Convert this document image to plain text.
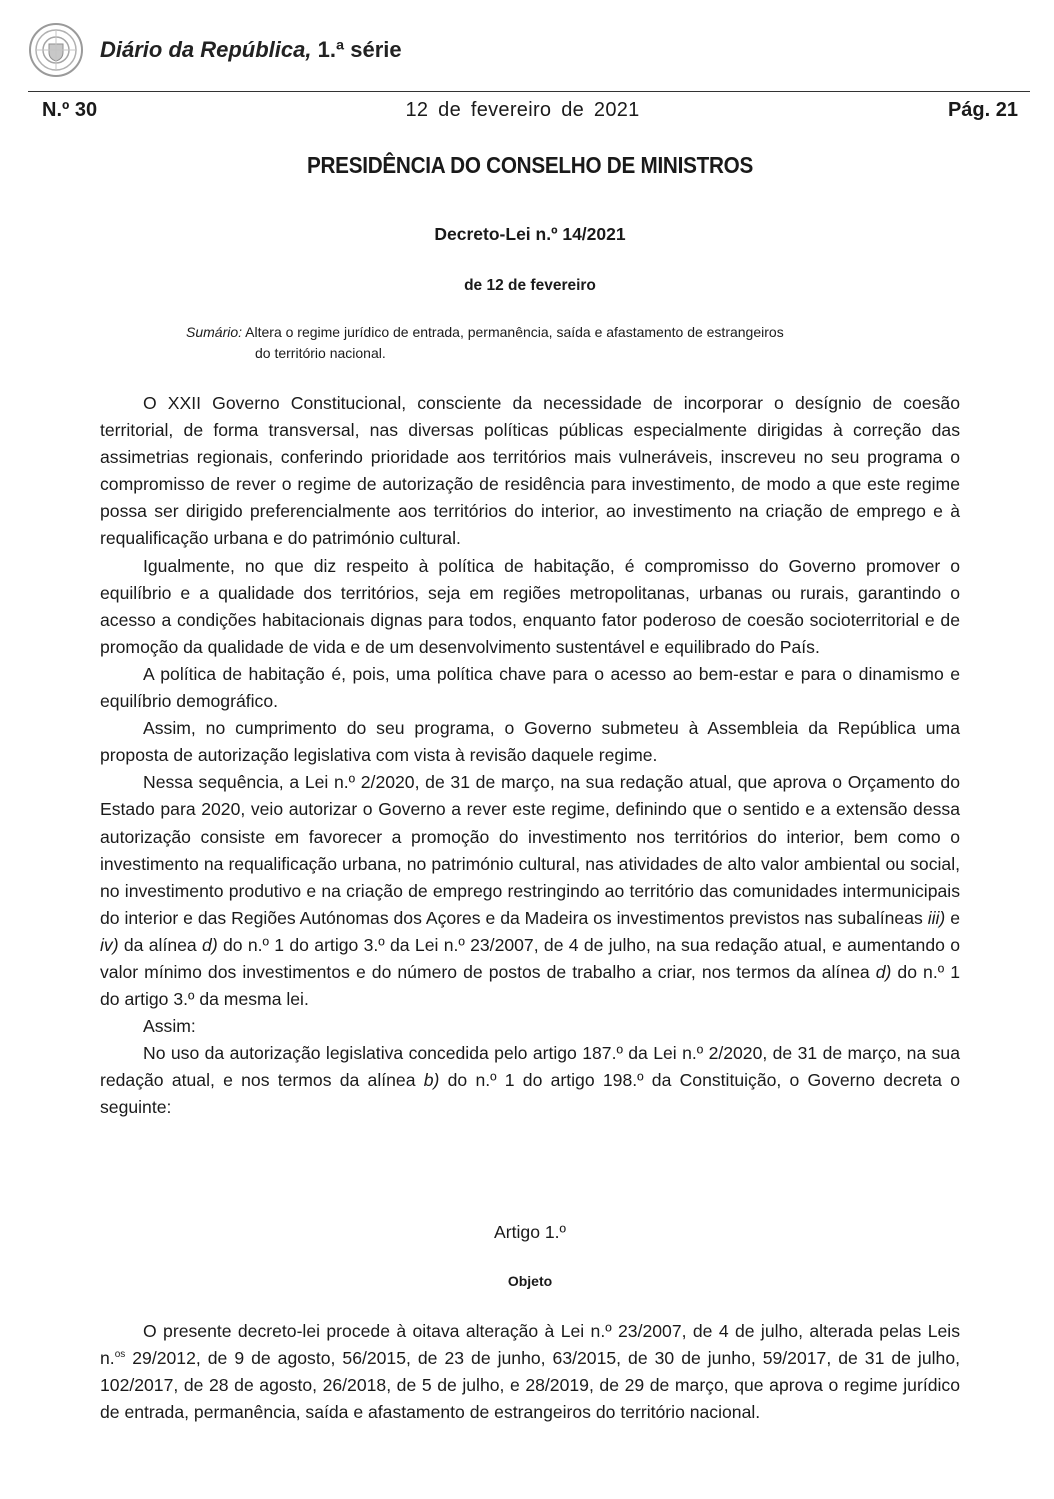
Diário da República, 1.ª série
N.º 30	12 de fevereiro de 2021	Pág. 21
PRESIDÊNCIA DO CONSELHO DE MINISTROS
Decreto-Lei n.º 14/2021
de 12 de fevereiro
Sumário: Altera o regime jurídico de entrada, permanência, saída e afastamento de estrangeiros
do território nacional.

O XXII Governo Constitucional, consciente da necessidade de incorporar o desígnio de coesão territorial, de forma transversal, nas diversas políticas públicas especialmente dirigidas à correção das assimetrias regionais, conferindo prioridade aos territórios mais vulneráveis, inscreveu no seu programa o compromisso de rever o regime de autorização de residência para investimento, de modo a que este regime possa ser dirigido preferencialmente aos territórios do interior, ao investimento na criação de emprego e à requalificação urbana e do património cultural.

Igualmente, no que diz respeito à política de habitação, é compromisso do Governo promover o equilíbrio e a qualidade dos territórios, seja em regiões metropolitanas, urbanas ou rurais, garantindo o acesso a condições habitacionais dignas para todos, enquanto fator poderoso de coesão socioterritorial e de promoção da qualidade de vida e de um desenvolvimento sustentável e equilibrado do País.

A política de habitação é, pois, uma política chave para o acesso ao bem-estar e para o dinamismo e equilíbrio demográfico.

Assim, no cumprimento do seu programa, o Governo submeteu à Assembleia da República uma proposta de autorização legislativa com vista à revisão daquele regime.

Nessa sequência, a Lei n.º 2/2020, de 31 de março, na sua redação atual, que aprova o Orçamento do Estado para 2020, veio autorizar o Governo a rever este regime, definindo que o sentido e a extensão dessa autorização consiste em favorecer a promoção do investimento nos territórios do interior, bem como o investimento na requalificação urbana, no património cultural, nas atividades de alto valor ambiental ou social, no investimento produtivo e na criação de emprego restringindo ao território das comunidades intermunicipais do interior e das Regiões Autónomas dos Açores e da Madeira os investimentos previstos nas subalíneas iii) e iv) da alínea d) do n.º 1 do artigo 3.º da Lei n.º 23/2007, de 4 de julho, na sua redação atual, e aumentando o valor mínimo dos investimentos e do número de postos de trabalho a criar, nos termos da alínea d) do n.º 1 do artigo 3.º da mesma lei.

Assim:

No uso da autorização legislativa concedida pelo artigo 187.º da Lei n.º 2/2020, de 31 de março, na sua redação atual, e nos termos da alínea b) do n.º 1 do artigo 198.º da Constituição, o Governo decreta o seguinte:

Artigo 1.º
Objeto

O presente decreto-lei procede à oitava alteração à Lei n.º 23/2007, de 4 de julho, alterada pelas Leis n.$^{os}$ 29/2012, de 9 de agosto, 56/2015, de 23 de junho, 63/2015, de 30 de junho, 59/2017, de 31 de julho, 102/2017, de 28 de agosto, 26/2018, de 5 de julho, e 28/2019, de 29 de março, que aprova o regime jurídico de entrada, permanência, saída e afastamento de estrangeiros do território nacional.
